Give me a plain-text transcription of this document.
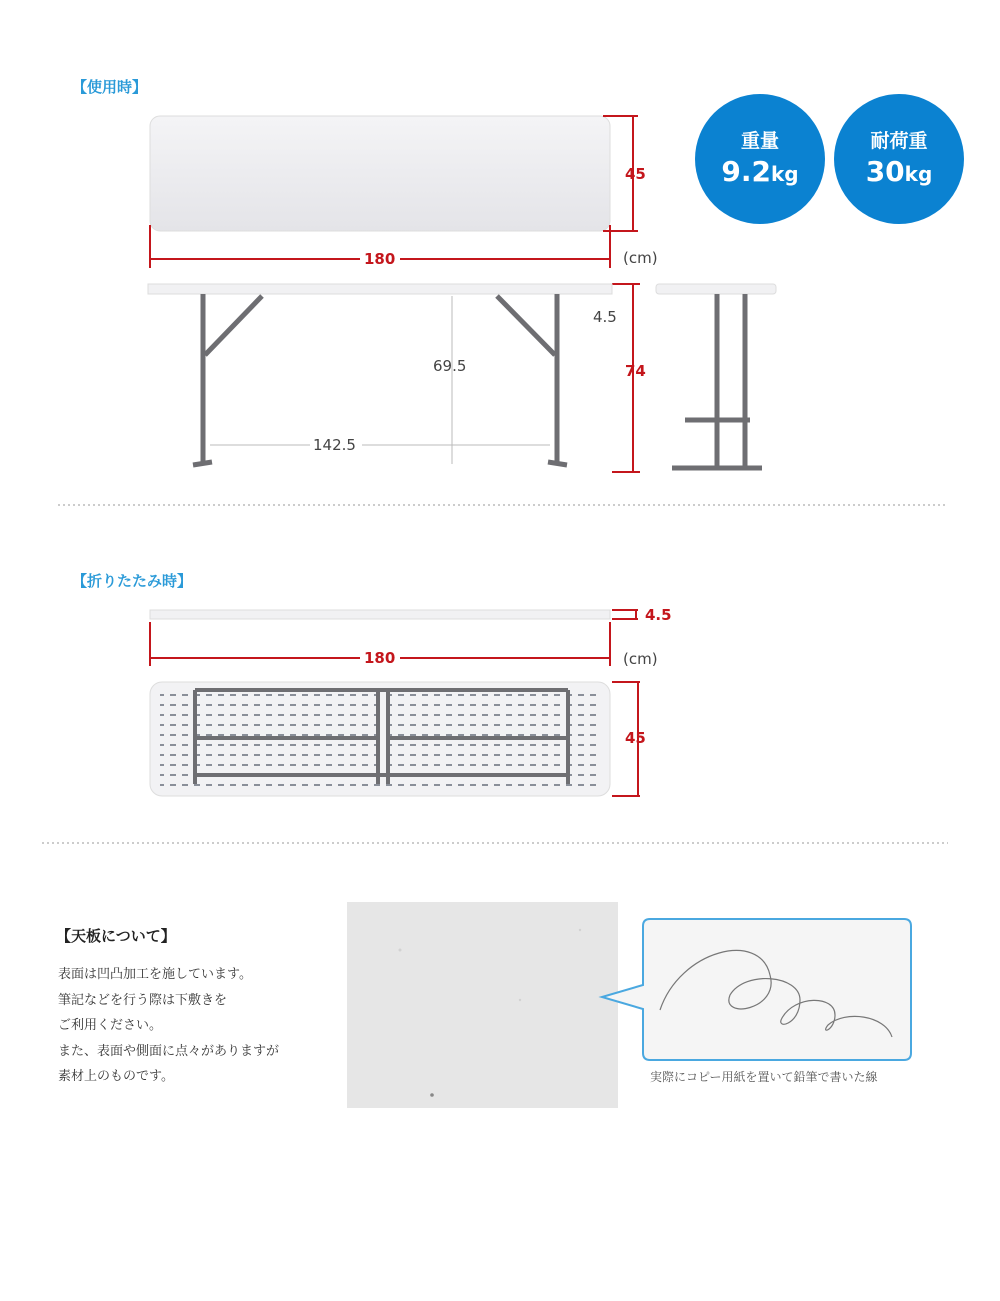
【使用時】
45
180	(cm)
4.5
74
69.5
142.5
重量
9.2kg
耐荷重
30kg
【折りたたみ時】
4.5
180	(cm)
45
【天板について】
表面は凹凸加工を施しています。
筆記などを行う際は下敷きを
ご利用ください。
また、表面や側面に点々がありますが
素材上のものです。	実際にコピー用紙を置いて鉛筆で書いた線
